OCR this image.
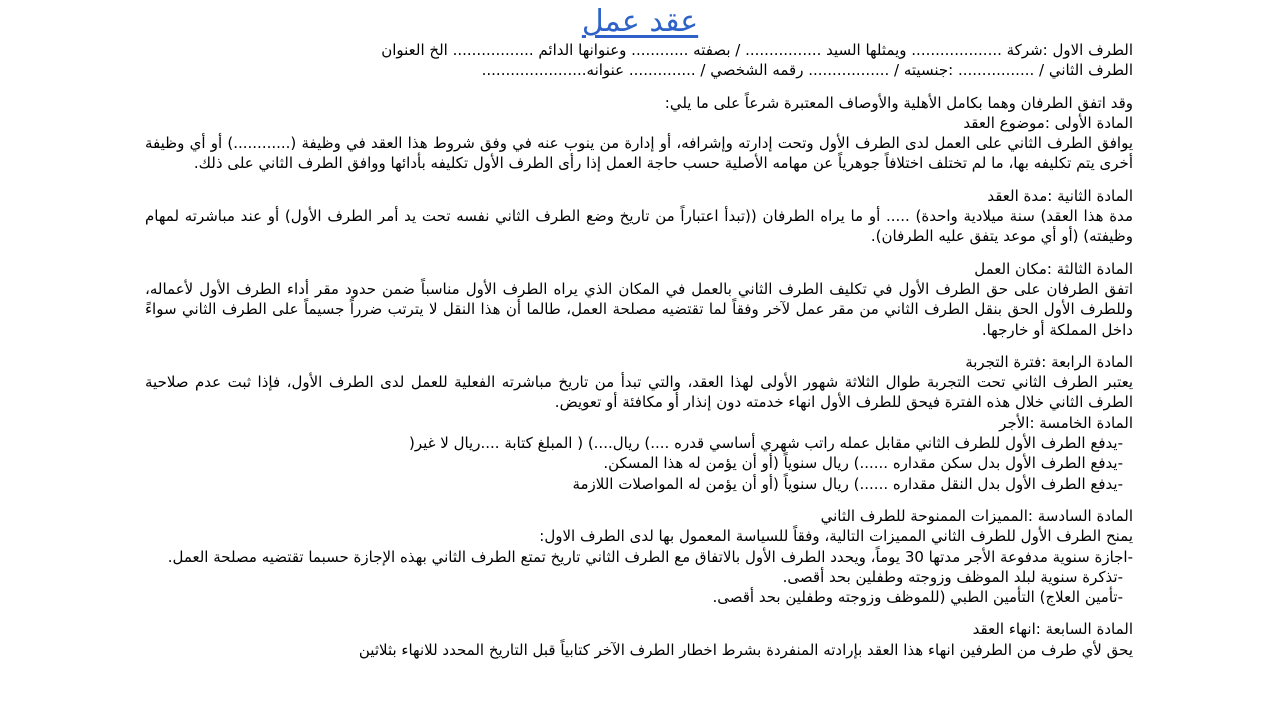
عقد عمل

الطرف الاول :شركة ................... ويمثلها السيد ................ / بصفته ............ وعنوانها الدائم ................. الخ العنوان

الطرف الثاني / ................ :جنسيته / ................. رقمه الشخصي / .............. عنوانه......................

وقد اتفق الطرفان وهما بكامل الأهلية والأوصاف المعتبرة شرعاً على ما يلي:

المادة الأولى :موضوع العقد

يوافق الطرف الثاني على العمل لدى الطرف الأول وتحت إدارته وإشرافه، أو إدارة من ينوب عنه في وفق شروط هذا العقد في وظيفة (............) أو أي وظيفة أخرى يتم تكليفه بها، ما لم تختلف اختلافاً جوهرياً عن مهامه الأصلية حسب حاجة العمل إذا رأى الطرف الأول تكليفه بأدائها ووافق الطرف الثاني على ذلك.

المادة الثانية :مدة العقد

مدة هذا العقد) سنة ميلادية واحدة) ..... أو ما يراه الطرفان ((تبدأ اعتباراً من تاريخ وضع الطرف الثاني نفسه تحت يد أمر الطرف الأول) أو عند مباشرته لمهام وظيفته) (أو أي موعد يتفق عليه الطرفان).

المادة الثالثة :مكان العمل

اتفق الطرفان على حق الطرف الأول في تكليف الطرف الثاني بالعمل في المكان الذي يراه الطرف الأول مناسباً ضمن حدود مقر أداء الطرف الأول لأعماله، وللطرف الأول الحق بنقل الطرف الثاني من مقر عمل لآخر وفقاً لما تقتضيه مصلحة العمل، طالما أن هذا النقل لا يترتب ضرراً جسيماً على الطرف الثاني سواءً داخل المملكة أو خارجها.

المادة الرابعة :فترة التجربة

يعتبر الطرف الثاني تحت التجربة طوال الثلاثة شهور الأولى لهذا العقد، والتي تبدأ من تاريخ مباشرته الفعلية للعمل لدى الطرف الأول، فإذا ثبت عدم صلاحية الطرف الثاني خلال هذه الفترة فيحق للطرف الأول انهاء خدمته دون إنذار أو مكافئة أو تعويض.

المادة الخامسة :الأجر

-يدفع الطرف الأول للطرف الثاني مقابل عمله راتب شهري أساسي قدره ....) ريال....) ( المبلغ كتابة ....ريال لا غير(

-يدفع الطرف الأول بدل سكن مقداره ......) ريال سنوياً (أو أن يؤمن له هذا المسكن.

-يدفع الطرف الأول بدل النقل مقداره ......) ريال سنوياً (أو أن يؤمن له المواصلات اللازمة

المادة السادسة :المميزات الممنوحة للطرف الثاني

يمنح الطرف الأول للطرف الثاني المميزات التالية، وفقاً للسياسة المعمول بها لدى الطرف الاول:

-اجازة سنوية مدفوعة الأجر مدتها 30 يوماً، ويحدد الطرف الأول بالاتفاق مع الطرف الثاني تاريخ تمتع الطرف الثاني بهذه الإجازة حسبما تقتضيه مصلحة العمل.

-تذكرة سنوية لبلد الموظف وزوجته وطفلين بحد أقصى.

-تأمين العلاج) التأمين الطبي (للموظف وزوجته وطفلين بحد أقصى.

المادة السابعة :انهاء العقد

يحق لأي طرف من الطرفين انهاء هذا العقد بإرادته المنفردة بشرط اخطار الطرف الآخر كتابياً قبل التاريخ المحدد للانهاء بثلاثين
